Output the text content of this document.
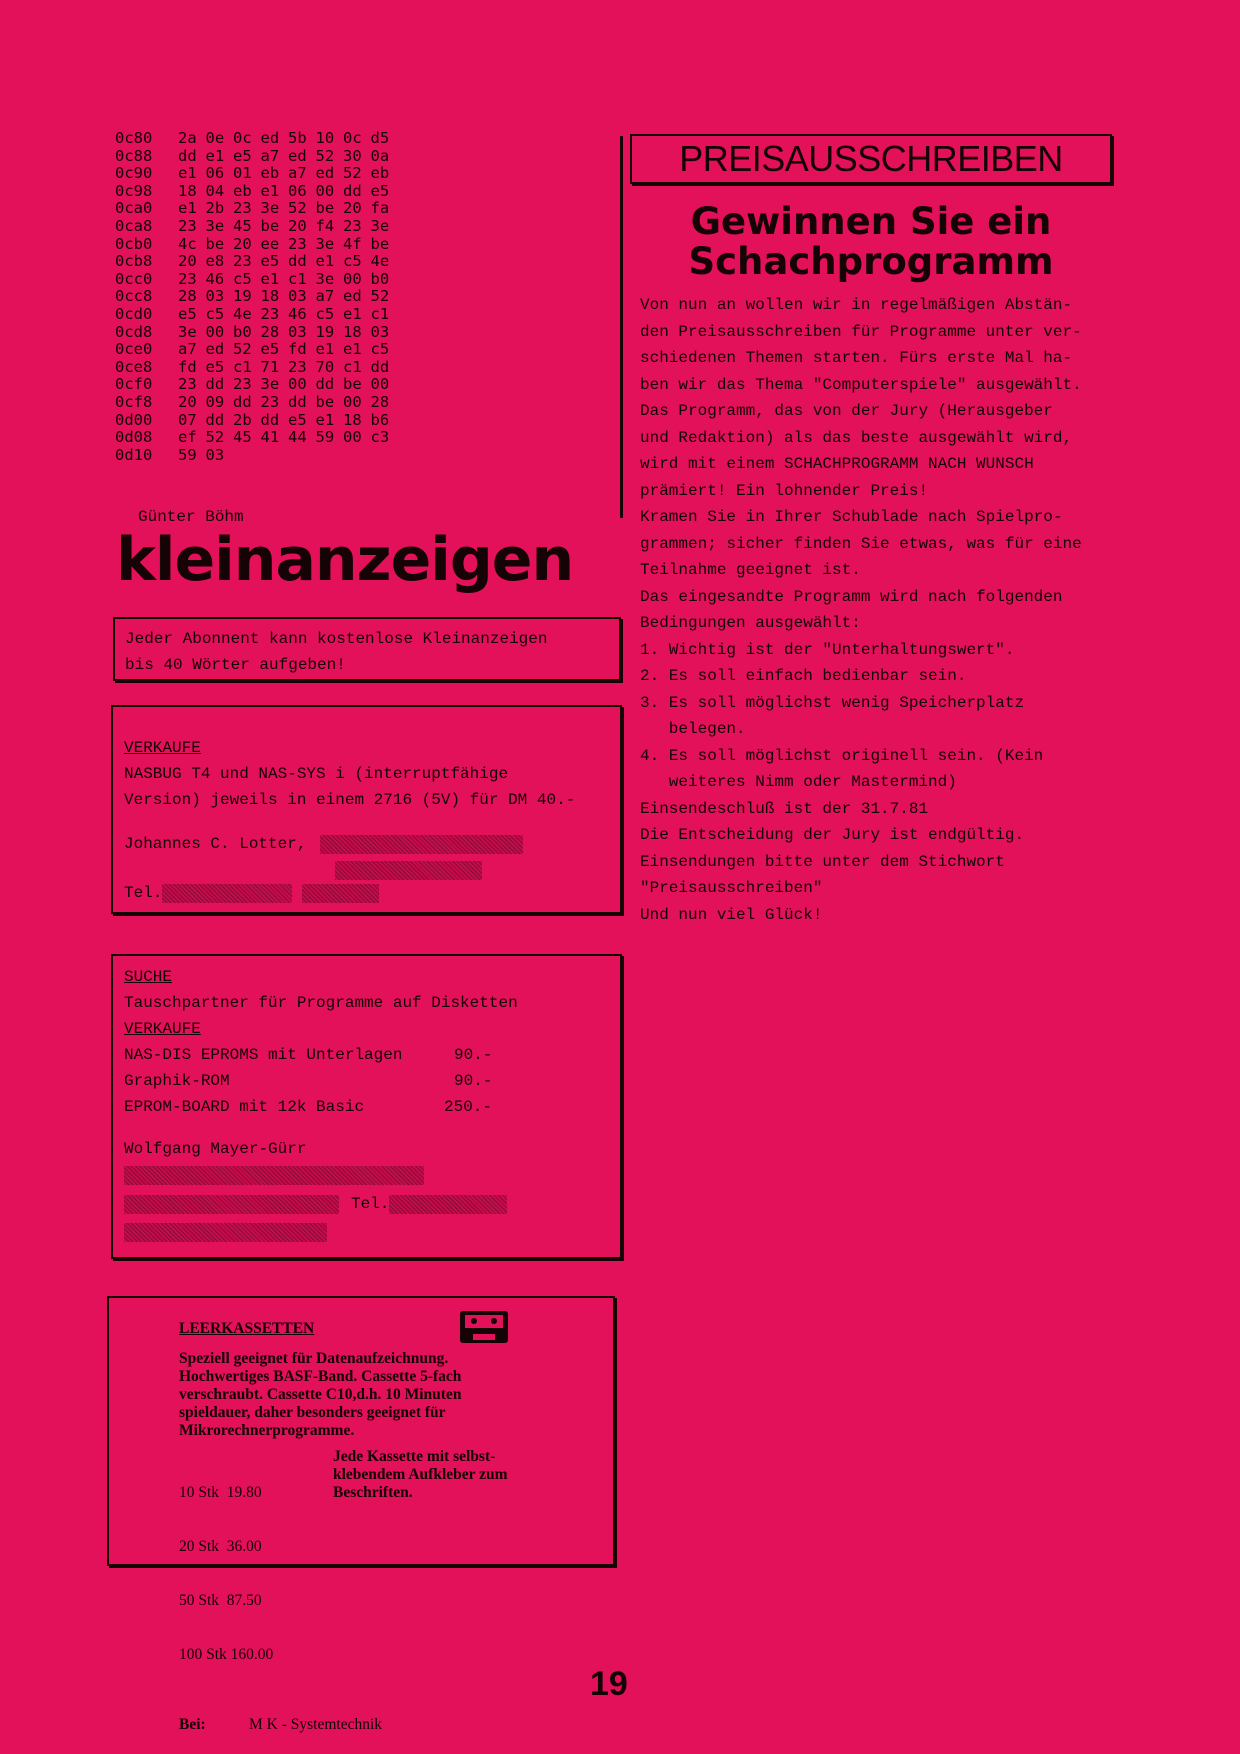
0c80	2a 0e 0c ed 5b 10 0c d5
0c88	dd e1 e5 a7 ed 52 30 0a
0c90	e1 06 01 eb a7 ed 52 eb
0c98	18 04 eb e1 06 00 dd e5
0ca0	e1 2b 23 3e 52 be 20 fa
0ca8	23 3e 45 be 20 f4 23 3e
0cb0	4c be 20 ee 23 3e 4f be
0cb8	20 e8 23 e5 dd e1 c5 4e
0cc0	23 46 c5 e1 c1 3e 00 b0
0cc8	28 03 19 18 03 a7 ed 52
0cd0	e5 c5 4e 23 46 c5 e1 c1
0cd8	3e 00 b0 28 03 19 18 03
0ce0	a7 ed 52 e5 fd e1 e1 c5
0ce8	fd e5 c1 71 23 70 c1 dd
0cf0	23 dd 23 3e 00 dd be 00
0cf8	20 09 dd 23 dd be 00 28
0d00	07 dd 2b dd e5 e1 18 b6
0d08	ef 52 45 41 44 59 00 c3
0d10	59 03
Günter Böhm
kleinanzeigen
Jeder Abonnent kann kostenlose Kleinanzeigen
bis 40 Wörter aufgeben!
VERKAUFE
NASBUG T4 und NAS-SYS i (interruptfähige
Version) jeweils in einem 2716 (5V) für DM 40.-
Johannes C. Lotter,
Tel.
SUCHE
Tauschpartner für Programme auf Disketten
VERKAUFE
NAS-DIS EPROMS mit Unterlagen	90.-
Graphik-ROM	90.-
EPROM-BOARD mit 12k Basic	250.-
Wolfgang Mayer-Gürr
Tel.
LEERKASSETTEN
Speziell geeignet für Datenaufzeichnung.
Hochwertiges BASF-Band. Cassette 5-fach
verschraubt. Cassette C10,d.h. 10 Minuten
spieldauer, daher besonders geeignet für
Mikrorechnerprogramme.

10 Stk  19.80

20 Stk  36.00

50 Stk  87.50

100 Stk 160.00

Jede Kassette mit selbst-
klebendem Aufkleber zum
Beschriften.
Bei:	M K - Systemtechnik
PREISAUSSCHREIBEN
Gewinnen Sie ein
Schachprogramm
Von nun an wollen wir in regelmäßigen Abstän-
den Preisausschreiben für Programme unter ver-
schiedenen Themen starten. Fürs erste Mal ha-
ben wir das Thema "Computerspiele" ausgewählt.
Das Programm, das von der Jury (Herausgeber
und Redaktion) als das beste ausgewählt wird,
wird mit einem SCHACHPROGRAMM NACH WUNSCH
prämiert! Ein lohnender Preis!
Kramen Sie in Ihrer Schublade nach Spielpro-
grammen; sicher finden Sie etwas, was für eine
Teilnahme geeignet ist.
Das eingesandte Programm wird nach folgenden
Bedingungen ausgewählt:
1. Wichtig ist der "Unterhaltungswert".
2. Es soll einfach bedienbar sein.
3. Es soll möglichst wenig Speicherplatz
belegen.
4. Es soll möglichst originell sein. (Kein
weiteres Nimm oder Mastermind)
Einsendeschluß ist der 31.7.81
Die Entscheidung der Jury ist endgültig.
Einsendungen bitte unter dem Stichwort
"Preisausschreiben"
Und nun viel Glück!
19
